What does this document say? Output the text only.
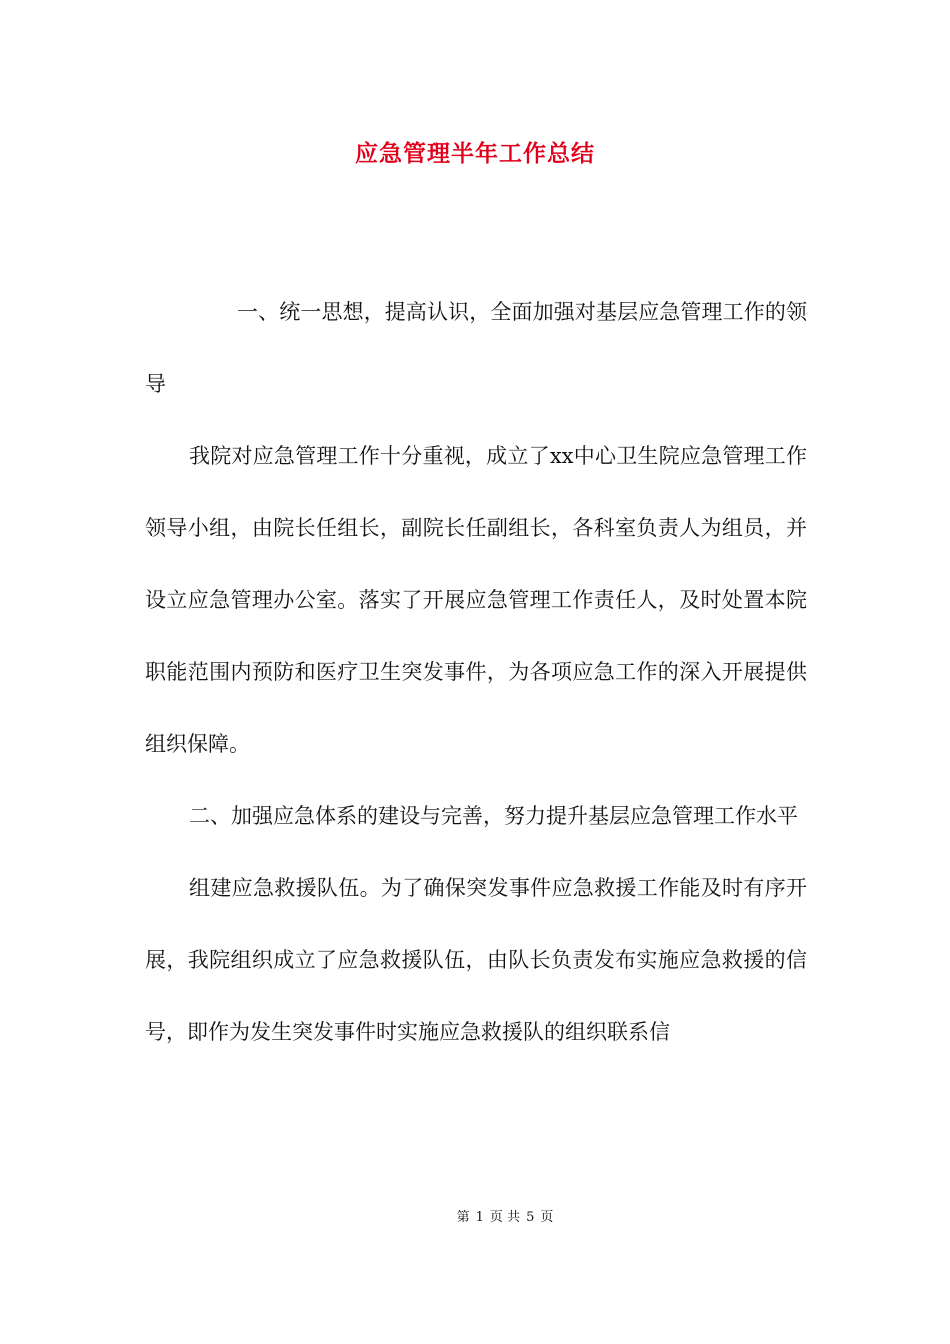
应急管理半年工作总结

一、统一思想，提高认识，全面加强对基层应急管理工作的领导

我院对应急管理工作十分重视，成立了xx中心卫生院应急管理工作领导小组，由院长任组长，副院长任副组长，各科室负责人为组员，并设立应急管理办公室。落实了开展应急管理工作责任人，及时处置本院职能范围内预防和医疗卫生突发事件，为各项应急工作的深入开展提供组织保障。

二、加强应急体系的建设与完善，努力提升基层应急管理工作水平

组建应急救援队伍。为了确保突发事件应急救援工作能及时有序开展，我院组织成立了应急救援队伍，由队长负责发布实施应急救援的信号，即作为发生突发事件时实施应急救援队的组织联系信

第 1 页 共 5 页
